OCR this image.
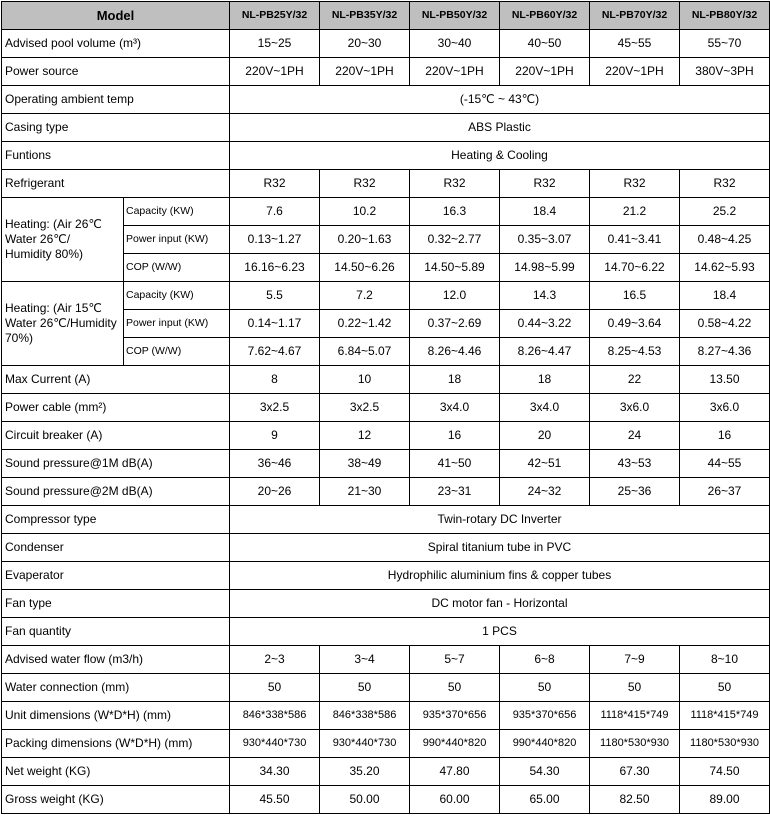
Model		NL-PB25Y/32	NL-PB35Y/32	NL-PB50Y/32	NL-PB60Y/32	NL-PB70Y/32	NL-PB80Y/32
Advised pool volume (m³)		15~25	20~30	30~40	40~50	45~55	55~70
Power source		220V~1PH	220V~1PH	220V~1PH	220V~1PH	220V~1PH	380V~3PH
Operating ambient temp		(-15℃ ~ 43℃)					
Casing type		ABS Plastic					
Funtions		Heating & Cooling					
Refrigerant		R32	R32	R32	R32	R32	R32
Heating: (Air 26℃ Water 26℃/ Humidity 80%)	Capacity (KW)	7.6	10.2	16.3	18.4	21.2	25.2
	Power input (KW)	0.13~1.27	0.20~1.63	0.32~2.77	0.35~3.07	0.41~3.41	0.48~4.25
	COP (W/W)	16.16~6.23	14.50~6.26	14.50~5.89	14.98~5.99	14.70~6.22	14.62~5.93
Heating: (Air 15℃ Water 26℃/Humidity 70%)	Capacity (KW)	5.5	7.2	12.0	14.3	16.5	18.4
	Power input (KW)	0.14~1.17	0.22~1.42	0.37~2.69	0.44~3.22	0.49~3.64	0.58~4.22
	COP (W/W)	7.62~4.67	6.84~5.07	8.26~4.46	8.26~4.47	8.25~4.53	8.27~4.36
Max Current (A)		8	10	18	18	22	13.50
Power cable (mm²)		3x2.5	3x2.5	3x4.0	3x4.0	3x6.0	3x6.0
Circuit breaker (A)		9	12	16	20	24	16
Sound pressure@1M dB(A)		36~46	38~49	41~50	42~51	43~53	44~55
Sound pressure@2M dB(A)		20~26	21~30	23~31	24~32	25~36	26~37
Compressor type		Twin-rotary DC Inverter					
Condenser		Spiral titanium tube in PVC					
Evaperator		Hydrophilic aluminium fins & copper tubes					
Fan type		DC motor fan - Horizontal					
Fan quantity		1 PCS					
Advised water flow (m3/h)		2~3	3~4	5~7	6~8	7~9	8~10
Water connection (mm)		50	50	50	50	50	50
Unit dimensions (W*D*H) (mm)		846*338*586	846*338*586	935*370*656	935*370*656	1118*415*749	1118*415*749
Packing dimensions (W*D*H) (mm)		930*440*730	930*440*730	990*440*820	990*440*820	1180*530*930	1180*530*930
Net weight (KG)		34.30	35.20	47.80	54.30	67.30	74.50
Gross weight (KG)		45.50	50.00	60.00	65.00	82.50	89.00
